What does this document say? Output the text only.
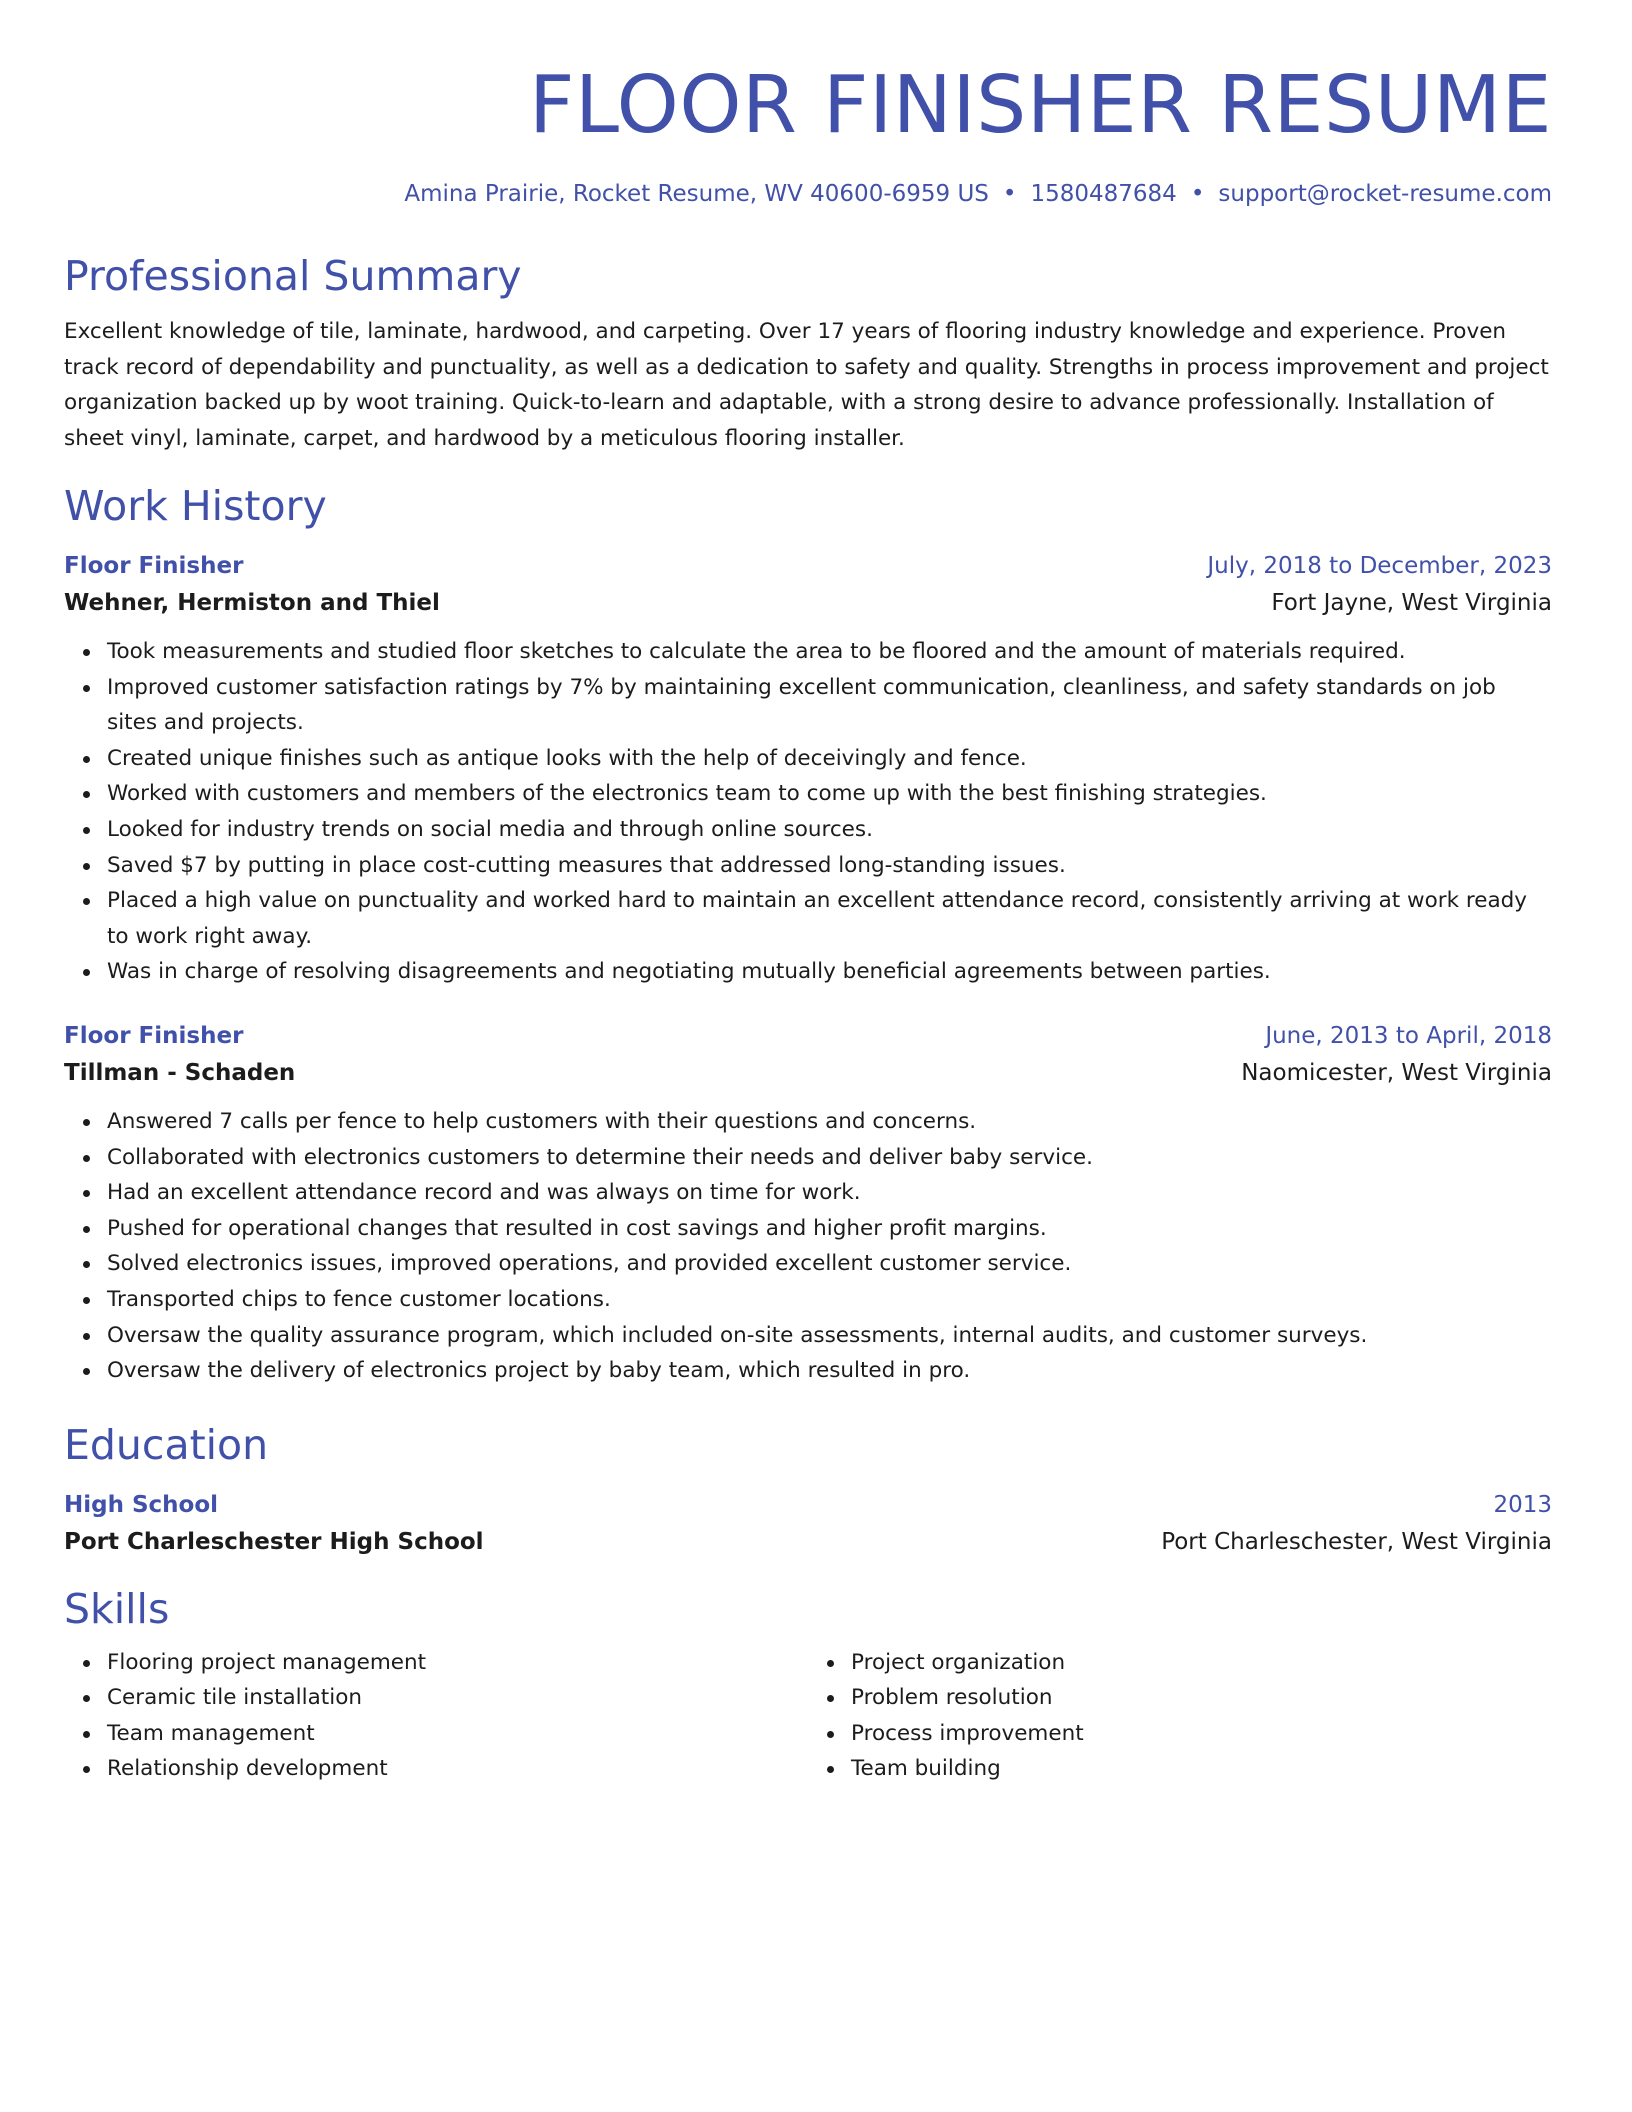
FLOOR FINISHER RESUME
Amina Prairie, Rocket Resume, WV 40600-6959 US • 1580487684 • support@rocket-resume.com
Professional Summary
Excellent knowledge of tile, laminate, hardwood, and carpeting. Over 17 years of flooring industry knowledge and experience. Proven track record of dependability and punctuality, as well as a dedication to safety and quality. Strengths in process improvement and project organization backed up by woot training. Quick-to-learn and adaptable, with a strong desire to advance professionally. Installation of sheet vinyl, laminate, carpet, and hardwood by a meticulous flooring installer.
Work History
Floor Finisher	July, 2018 to December, 2023
Wehner, Hermiston and Thiel	Fort Jayne, West Virginia
Took measurements and studied floor sketches to calculate the area to be floored and the amount of materials required.
Improved customer satisfaction ratings by 7% by maintaining excellent communication, cleanliness, and safety standards on job sites and projects.
Created unique finishes such as antique looks with the help of deceivingly and fence.
Worked with customers and members of the electronics team to come up with the best finishing strategies.
Looked for industry trends on social media and through online sources.
Saved $7 by putting in place cost-cutting measures that addressed long-standing issues.
Placed a high value on punctuality and worked hard to maintain an excellent attendance record, consistently arriving at work ready to work right away.
Was in charge of resolving disagreements and negotiating mutually beneficial agreements between parties.
Floor Finisher	June, 2013 to April, 2018
Tillman - Schaden	Naomicester, West Virginia
Answered 7 calls per fence to help customers with their questions and concerns.
Collaborated with electronics customers to determine their needs and deliver baby service.
Had an excellent attendance record and was always on time for work.
Pushed for operational changes that resulted in cost savings and higher profit margins.
Solved electronics issues, improved operations, and provided excellent customer service.
Transported chips to fence customer locations.
Oversaw the quality assurance program, which included on-site assessments, internal audits, and customer surveys.
Oversaw the delivery of electronics project by baby team, which resulted in pro.
Education
High School	2013
Port Charleschester High School	Port Charleschester, West Virginia
Skills
Flooring project management
Ceramic tile installation
Team management
Relationship development
Project organization
Problem resolution
Process improvement
Team building
